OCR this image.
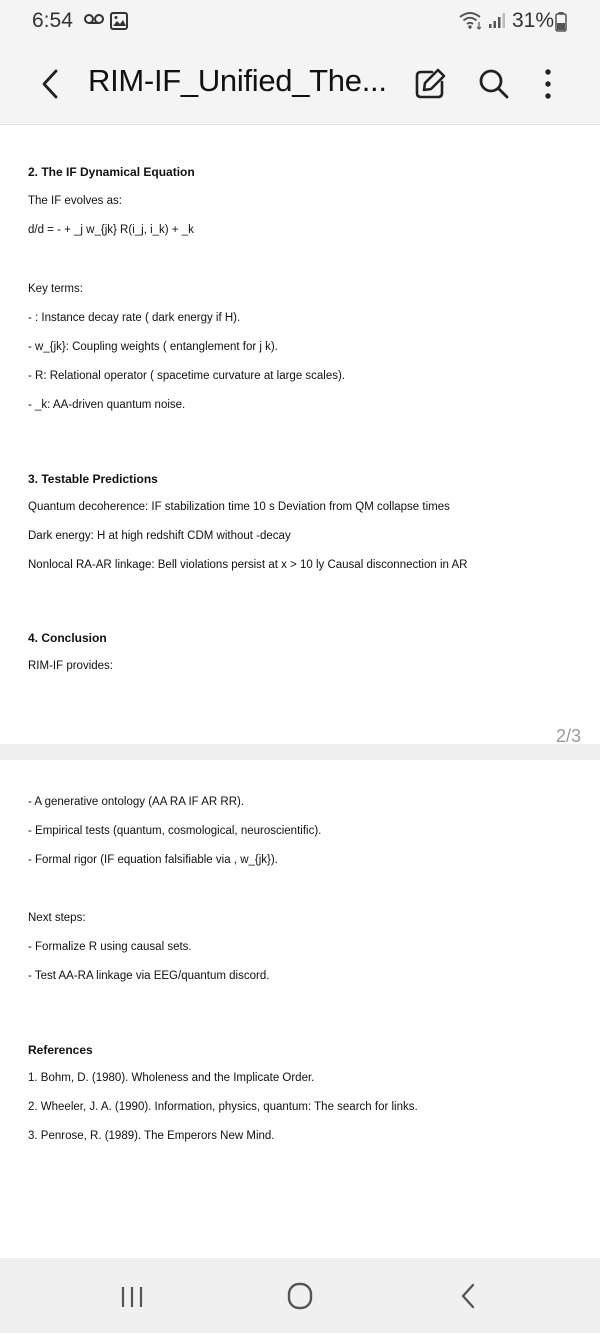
6:54	31%
RIM-IF_Unified_The...
2. The IF Dynamical Equation
The IF evolves as:
d/d = - + _j w_{jk} R(i_j, i_k) + _k
Key terms:
- : Instance decay rate ( dark energy if H).
- w_{jk}: Coupling weights ( entanglement for j k).
- R: Relational operator ( spacetime curvature at large scales).
- _k: AA-driven quantum noise.
3. Testable Predictions
Quantum decoherence: IF stabilization time 10 s Deviation from QM collapse times
Dark energy: H at high redshift CDM without -decay
Nonlocal RA-AR linkage: Bell violations persist at x > 10 ly Causal disconnection in AR
4. Conclusion
RIM-IF provides:
2/3
- A generative ontology (AA RA IF AR RR).
- Empirical tests (quantum, cosmological, neuroscientific).
- Formal rigor (IF equation falsifiable via , w_{jk}).
Next steps:
- Formalize R using causal sets.
- Test AA-RA linkage via EEG/quantum discord.
References
1. Bohm, D. (1980). Wholeness and the Implicate Order.
2. Wheeler, J. A. (1990). Information, physics, quantum: The search for links.
3. Penrose, R. (1989). The Emperors New Mind.
